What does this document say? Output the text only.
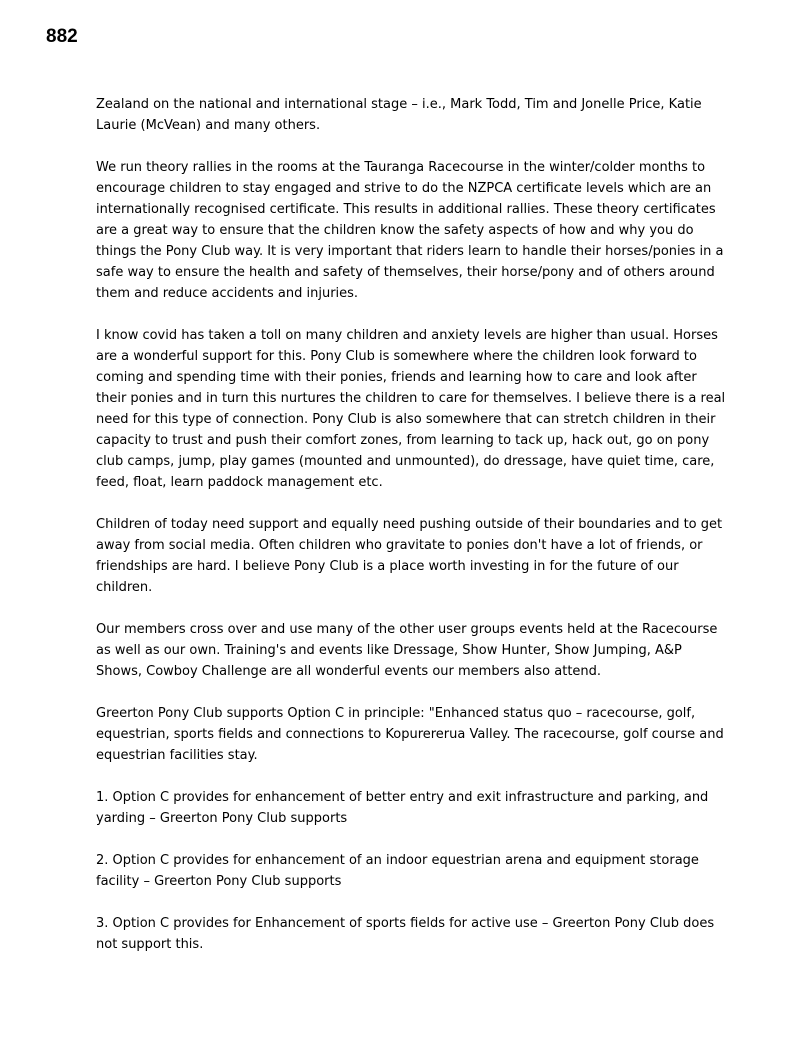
882

Zealand on the national and international stage – i.e., Mark Todd, Tim and Jonelle Price, Katie Laurie (McVean) and many others.

We run theory rallies in the rooms at the Tauranga Racecourse in the winter/colder months to encourage children to stay engaged and strive to do the NZPCA certificate levels which are an internationally recognised certificate. This results in additional rallies. These theory certificates are a great way to ensure that the children know the safety aspects of how and why you do things the Pony Club way. It is very important that riders learn to handle their horses/ponies in a safe way to ensure the health and safety of themselves, their horse/pony and of others around them and reduce accidents and injuries.

I know covid has taken a toll on many children and anxiety levels are higher than usual. Horses are a wonderful support for this. Pony Club is somewhere where the children look forward to coming and spending time with their ponies, friends and learning how to care and look after their ponies and in turn this nurtures the children to care for themselves. I believe there is a real need for this type of connection. Pony Club is also somewhere that can stretch children in their capacity to trust and push their comfort zones, from learning to tack up, hack out, go on pony club camps, jump, play games (mounted and unmounted), do dressage, have quiet time, care, feed, float, learn paddock management etc.

Children of today need support and equally need pushing outside of their boundaries and to get away from social media. Often children who gravitate to ponies don't have a lot of friends, or friendships are hard. I believe Pony Club is a place worth investing in for the future of our children.

Our members cross over and use many of the other user groups events held at the Racecourse as well as our own. Training's and events like Dressage, Show Hunter, Show Jumping, A&P Shows, Cowboy Challenge are all wonderful events our members also attend.

Greerton Pony Club supports Option C in principle: "Enhanced status quo – racecourse, golf, equestrian, sports fields and connections to Kopurererua Valley. The racecourse, golf course and equestrian facilities stay.

1. Option C provides for enhancement of better entry and exit infrastructure and parking, and yarding – Greerton Pony Club supports

2. Option C provides for enhancement of an indoor equestrian arena and equipment storage facility – Greerton Pony Club supports

3. Option C provides for Enhancement of sports fields for active use – Greerton Pony Club does not support this.
